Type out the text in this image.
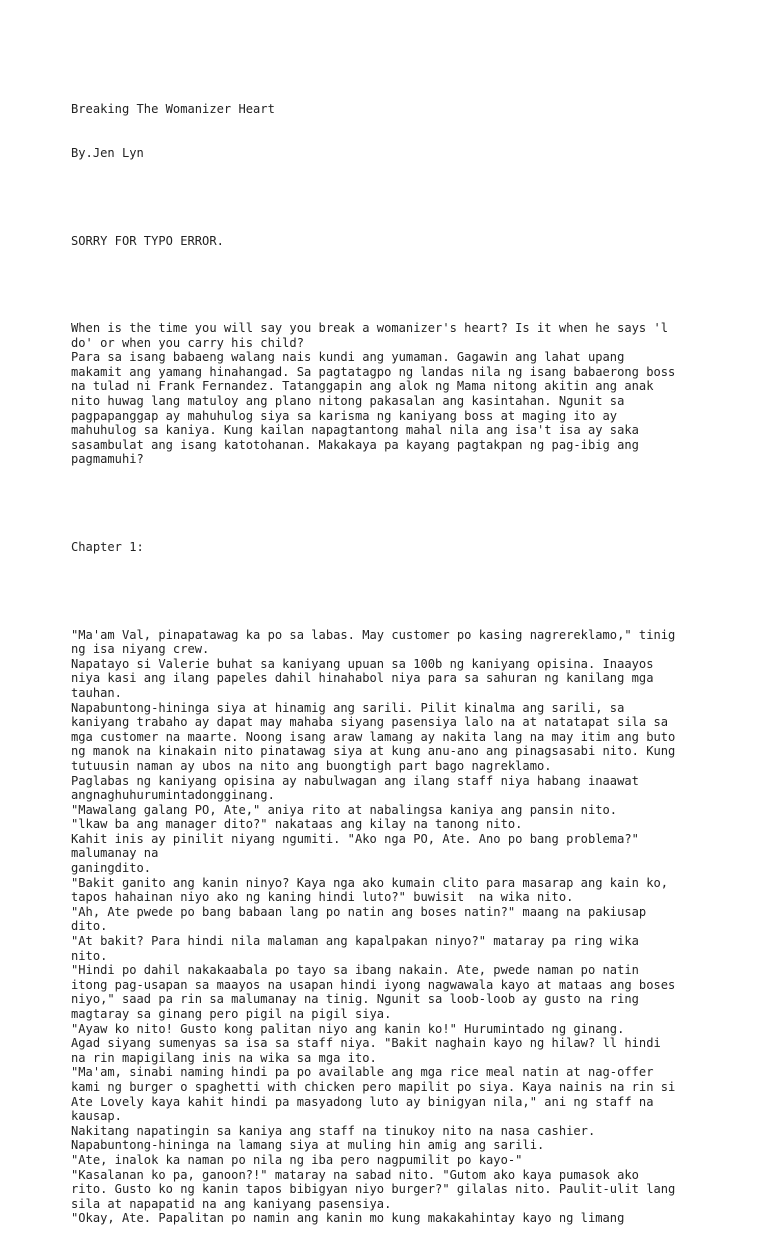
Breaking The Womanizer Heart

By.Jen Lyn

SORRY FOR TYPO ERROR.

When is the time you will say you break a womanizer's heart? Is it when he says 'l
do' or when you carry his child?
Para sa isang babaeng walang nais kundi ang yumaman. Gagawin ang lahat upang
makamit ang yamang hinahangad. Sa pagtatagpo ng landas nila ng isang babaerong boss
na tulad ni Frank Fernandez. Tatanggapin ang alok ng Mama nitong akitin ang anak
nito huwag lang matuloy ang plano nitong pakasalan ang kasintahan. Ngunit sa
pagpapanggap ay mahuhulog siya sa karisma ng kaniyang boss at maging ito ay
mahuhulog sa kaniya. Kung kailan napagtantong mahal nila ang isa't isa ay saka
sasambulat ang isang katotohanan. Makakaya pa kayang pagtakpan ng pag-ibig ang
pagmamuhi?

Chapter 1:

"Ma'am Val, pinapatawag ka po sa labas. May customer po kasing nagrereklamo," tinig
ng isa niyang crew.
Napatayo si Valerie buhat sa kaniyang upuan sa 100b ng kaniyang opisina. Inaayos
niya kasi ang ilang papeles dahil hinahabol niya para sa sahuran ng kanilang mga
tauhan.
Napabuntong-hininga siya at hinamig ang sarili. Pilit kinalma ang sarili, sa
kaniyang trabaho ay dapat may mahaba siyang pasensiya lalo na at natatapat sila sa
mga customer na maarte. Noong isang araw lamang ay nakita lang na may itim ang buto
ng manok na kinakain nito pinatawag siya at kung anu-ano ang pinagsasabi nito. Kung
tutuusin naman ay ubos na nito ang buongtigh part bago nagreklamo.
Paglabas ng kaniyang opisina ay nabulwagan ang ilang staff niya habang inaawat
angnaghuhurumintadongginang.
"Mawalang galang PO, Ate," aniya rito at nabalingsa kaniya ang pansin nito.
"lkaw ba ang manager dito?" nakataas ang kilay na tanong nito.
Kahit inis ay pinilit niyang ngumiti. "Ako nga PO, Ate. Ano po bang problema?"
malumanay na
ganingdito.
"Bakit ganito ang kanin ninyo? Kaya nga ako kumain clito para masarap ang kain ko,
tapos hahainan niyo ako ng kaning hindi luto?" buwisit  na wika nito.
"Ah, Ate pwede po bang babaan lang po natin ang boses natin?" maang na pakiusap
dito.
"At bakit? Para hindi nila malaman ang kapalpakan ninyo?" mataray pa ring wika
nito.
"Hindi po dahil nakakaabala po tayo sa ibang nakain. Ate, pwede naman po natin
itong pag-usapan sa maayos na usapan hindi iyong nagwawala kayo at mataas ang boses
niyo," saad pa rin sa malumanay na tinig. Ngunit sa loob-loob ay gusto na ring
magtaray sa ginang pero pigil na pigil siya.
"Ayaw ko nito! Gusto kong palitan niyo ang kanin ko!" Hurumintado ng ginang.
Agad siyang sumenyas sa isa sa staff niya. "Bakit naghain kayo ng hilaw? ll hindi
na rin mapigilang inis na wika sa mga ito.
"Ma'am, sinabi naming hindi pa po available ang mga rice meal natin at nag-offer
kami ng burger o spaghetti with chicken pero mapilit po siya. Kaya nainis na rin si
Ate Lovely kaya kahit hindi pa masyadong luto ay binigyan nila," ani ng staff na
kausap.
Nakitang napatingin sa kaniya ang staff na tinukoy nito na nasa cashier.
Napabuntong-hininga na lamang siya at muling hin amig ang sarili.
"Ate, inalok ka naman po nila ng iba pero nagpumilit po kayo-"
"Kasalanan ko pa, ganoon?!" mataray na sabad nito. "Gutom ako kaya pumasok ako
rito. Gusto ko ng kanin tapos bibigyan niyo burger?" gilalas nito. Paulit-ulit lang
sila at napapatid na ang kaniyang pasensiya.
"Okay, Ate. Papalitan po namin ang kanin mo kung makakahintay kayo ng limang
